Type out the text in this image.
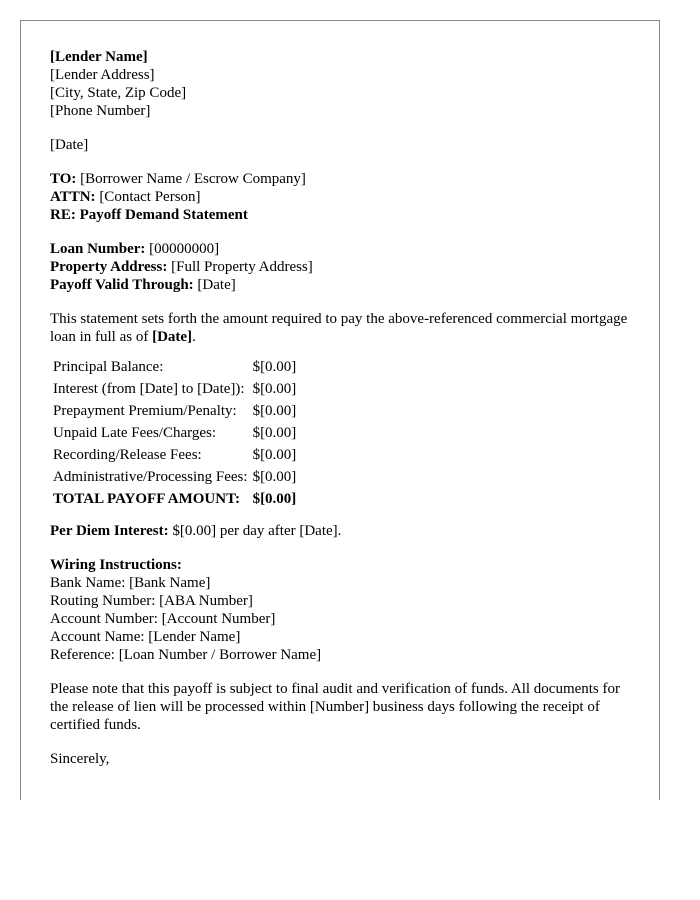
[Lender Name]
[Lender Address]
[City, State, Zip Code]
[Phone Number]
[Date]
TO: [Borrower Name / Escrow Company]
ATTN: [Contact Person]
RE: Payoff Demand Statement
Loan Number: [00000000]
Property Address: [Full Property Address]
Payoff Valid Through: [Date]
This statement sets forth the amount required to pay the above-referenced commercial mortgage loan in full as of [Date].
Principal Balance:	$[0.00]
Interest (from [Date] to [Date]):	$[0.00]
Prepayment Premium/Penalty:	$[0.00]
Unpaid Late Fees/Charges:	$[0.00]
Recording/Release Fees:	$[0.00]
Administrative/Processing Fees:	$[0.00]
TOTAL PAYOFF AMOUNT:	$[0.00]
Per Diem Interest: $[0.00] per day after [Date].
Wiring Instructions:
Bank Name: [Bank Name]
Routing Number: [ABA Number]
Account Number: [Account Number]
Account Name: [Lender Name]
Reference: [Loan Number / Borrower Name]
Please note that this payoff is subject to final audit and verification of funds. All documents for the release of lien will be processed within [Number] business days following the receipt of certified funds.
Sincerely,
